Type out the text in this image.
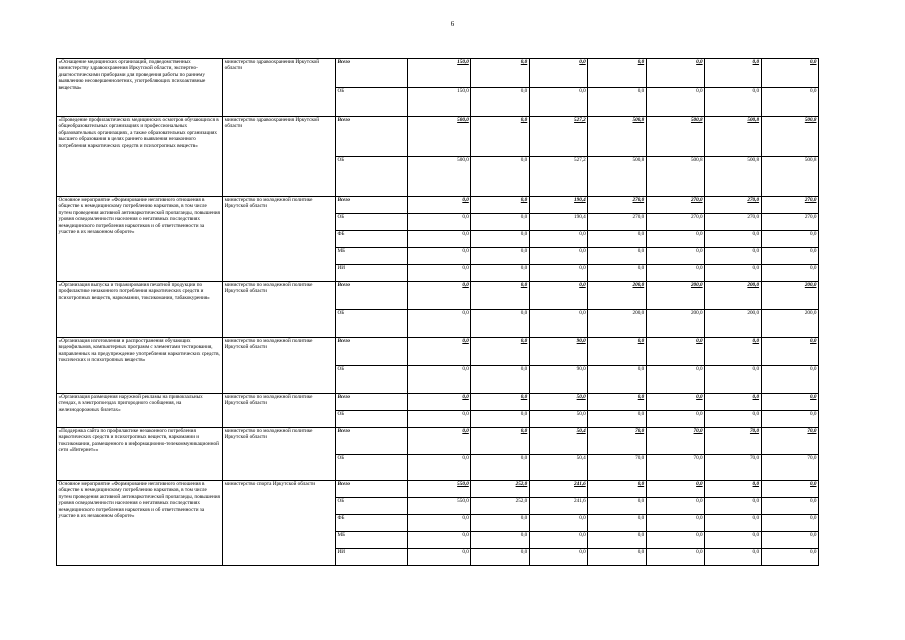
6
«Оснащение медицинских организаций, подведомственных министерству здравоохранения Иркутской области, экспертно-диагностическими приборами для проведения работы по раннему выявлению несовершеннолетних, употребляющих психоактивные вещества»	министерство здравоохранения Иркутской области	Всего	150,0	0,0	0,0	0,0	0,0	0,0	0,0
		ОБ	150,0	0,0	0,0	0,0	0,0	0,0	0,0
«Проведение профилактических медицинских осмотров обучающихся в общеобразовательных организациях и профессиональных образовательных организациях, а также образовательных организациях высшего образования в целях раннего выявления незаконного потребления наркотических средств и психотропных веществ»	министерство здравоохранения Иркутской области	Всего	500,0	0,0	527,2	500,8	500,8	500,8	500,8
		ОБ	500,0	0,0	527,2	500,8	500,8	500,8	500,8
Основное мероприятие «Формирование негативного отношения в обществе к немедицинскому потреблению наркотиков, в том числе путем проведения активной антинаркотической пропаганды, повышения уровня осведомленности населения о негативных последствиях немедицинского потребления наркотиков и об ответственности за участие в их незаконном обороте»	министерство по молодежной политике Иркутской области	Всего	0,0	0,0	190,4	270,0	270,0	270,0	270,0
		ОБ	0,0	0,0	190,4	270,0	270,0	270,0	270,0
		ФБ	0,0	0,0	0,0	0,0	0,0	0,0	0,0
		МБ	0,0	0,0	0,0	0,0	0,0	0,0	0,0
		ИИ	0,0	0,0	0,0	0,0	0,0	0,0	0,0
«Организация выпуска и тиражирования печатной продукции по профилактике незаконного потребления наркотических средств и психотропных веществ, наркомании, токсикомании, табакокурения»	министерство по молодежной политике Иркутской области	Всего	0,0	0,0	0,0	200,0	200,0	200,0	200,0
		ОБ	0,0	0,0	0,0	200,0	200,0	200,0	200,0
«Организация изготовления и распространения обучающих видеофильмов, компьютерных программ с элементами тестирования, направленных на предупреждение употребления наркотических средств, токсических и психотропных веществ»	министерство по молодежной политике Иркутской области	Всего	0,0	0,0	90,0	0,0	0,0	0,0	0,0
		ОБ	0,0	0,0	90,0	0,0	0,0	0,0	0,0
«Организация размещения наружной рекламы на привокзальных стендах, в электропоездах пригородного сообщения, на железнодорожных билетах»	министерство по молодежной политике Иркутской области	Всего	0,0	0,0	50,0	0,0	0,0	0,0	0,0
		ОБ	0,0	0,0	50,0	0,0	0,0	0,0	0,0
«Поддержка сайта по профилактике незаконного потребления наркотических средств и психотропных веществ, наркомании и токсикомании, размещенного в информационно-телекоммуникационной сети «Интернет»»	министерство по молодежной политике Иркутской области	Всего	0,0	0,0	50,4	70,0	70,0	70,0	70,0
		ОБ	0,0	0,0	50,4	70,0	70,0	70,0	70,0
Основное мероприятие «Формирование негативного отношения в обществе к немедицинскому потреблению наркотиков, в том числе путем проведения активной антинаркотической пропаганды, повышения уровня осведомленности населения о негативных последствиях немедицинского потребления наркотиков и об ответственности за участие в их незаконном обороте»	министерство спорта Иркутской области	Всего	550,0	252,0	241,6	0,0	0,0	0,0	0,0
		ОБ	550,0	252,0	241,6	0,0	0,0	0,0	0,0
		ФБ	0,0	0,0	0,0	0,0	0,0	0,0	0,0
		МБ	0,0	0,0	0,0	0,0	0,0	0,0	0,0
		ИИ	0,0	0,0	0,0	0,0	0,0	0,0	0,0
